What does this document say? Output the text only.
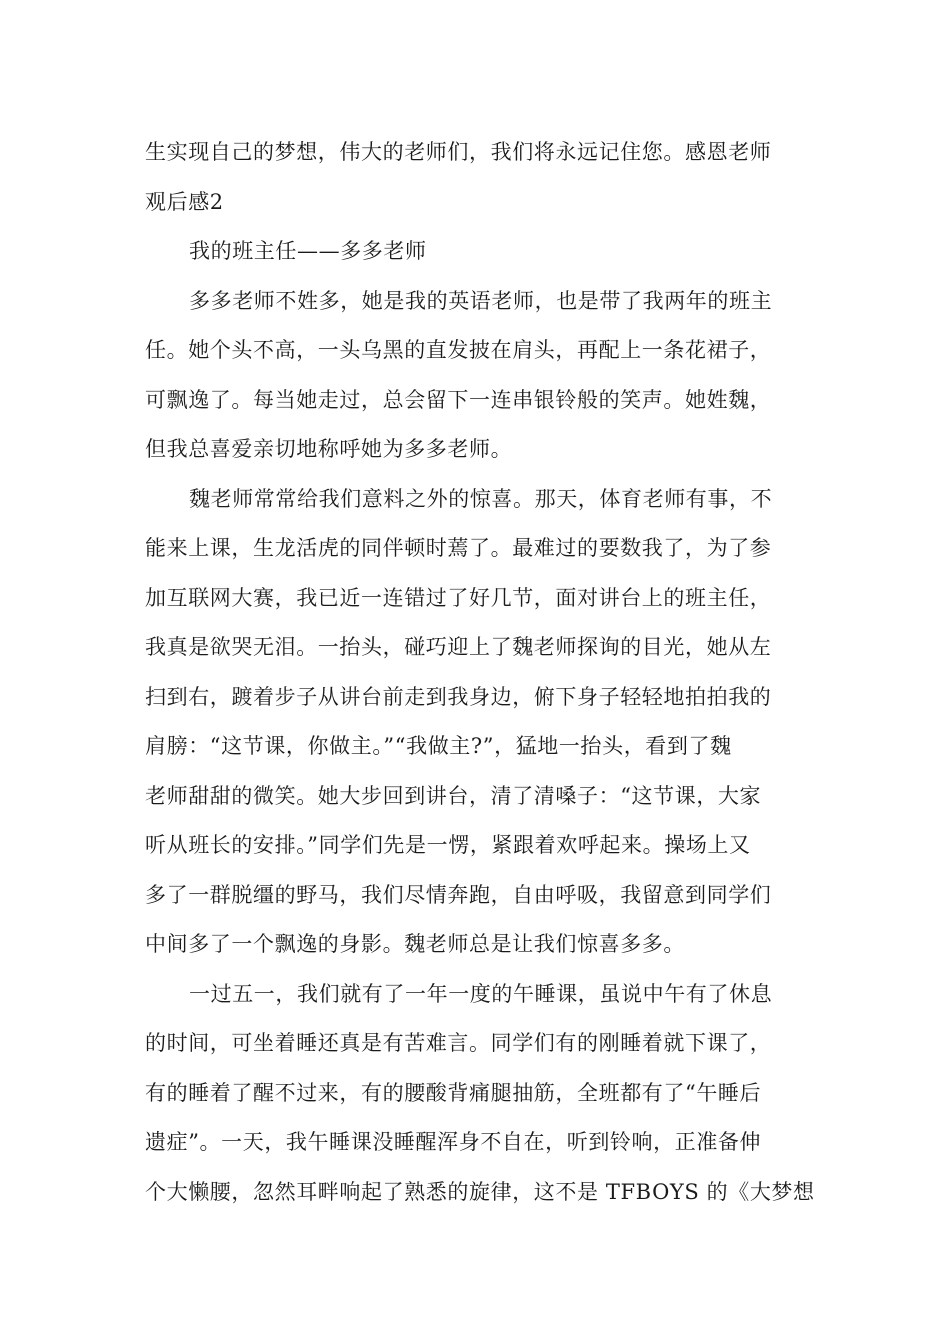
生实现自己的梦想，伟大的老师们，我们将永远记住您。感恩老师
观后感2
我的班主任——多多老师
多多老师不姓多，她是我的英语老师，也是带了我两年的班主
任。她个头不高，一头乌黑的直发披在肩头，再配上一条花裙子，
可飘逸了。每当她走过，总会留下一连串银铃般的笑声。她姓魏，
但我总喜爱亲切地称呼她为多多老师。
魏老师常常给我们意料之外的惊喜。那天，体育老师有事，不
能来上课，生龙活虎的同伴顿时蔫了。最难过的要数我了，为了参
加互联网大赛，我已近一连错过了好几节，面对讲台上的班主任，
我真是欲哭无泪。一抬头，碰巧迎上了魏老师探询的目光，她从左
扫到右，踱着步子从讲台前走到我身边，俯下身子轻轻地拍拍我的
肩膀：“这节课，你做主。”“我做主?”，猛地一抬头，看到了魏
老师甜甜的微笑。她大步回到讲台，清了清嗓子：“这节课，大家
听从班长的安排。”同学们先是一愣，紧跟着欢呼起来。操场上又
多了一群脱缰的野马，我们尽情奔跑，自由呼吸，我留意到同学们
中间多了一个飘逸的身影。魏老师总是让我们惊喜多多。
一过五一，我们就有了一年一度的午睡课，虽说中午有了休息
的时间，可坐着睡还真是有苦难言。同学们有的刚睡着就下课了，
有的睡着了醒不过来，有的腰酸背痛腿抽筋，全班都有了“午睡后
遗症”。一天，我午睡课没睡醒浑身不自在，听到铃响，正准备伸
个大懒腰，忽然耳畔响起了熟悉的旋律，这不是 TFBOYS 的《大梦想
